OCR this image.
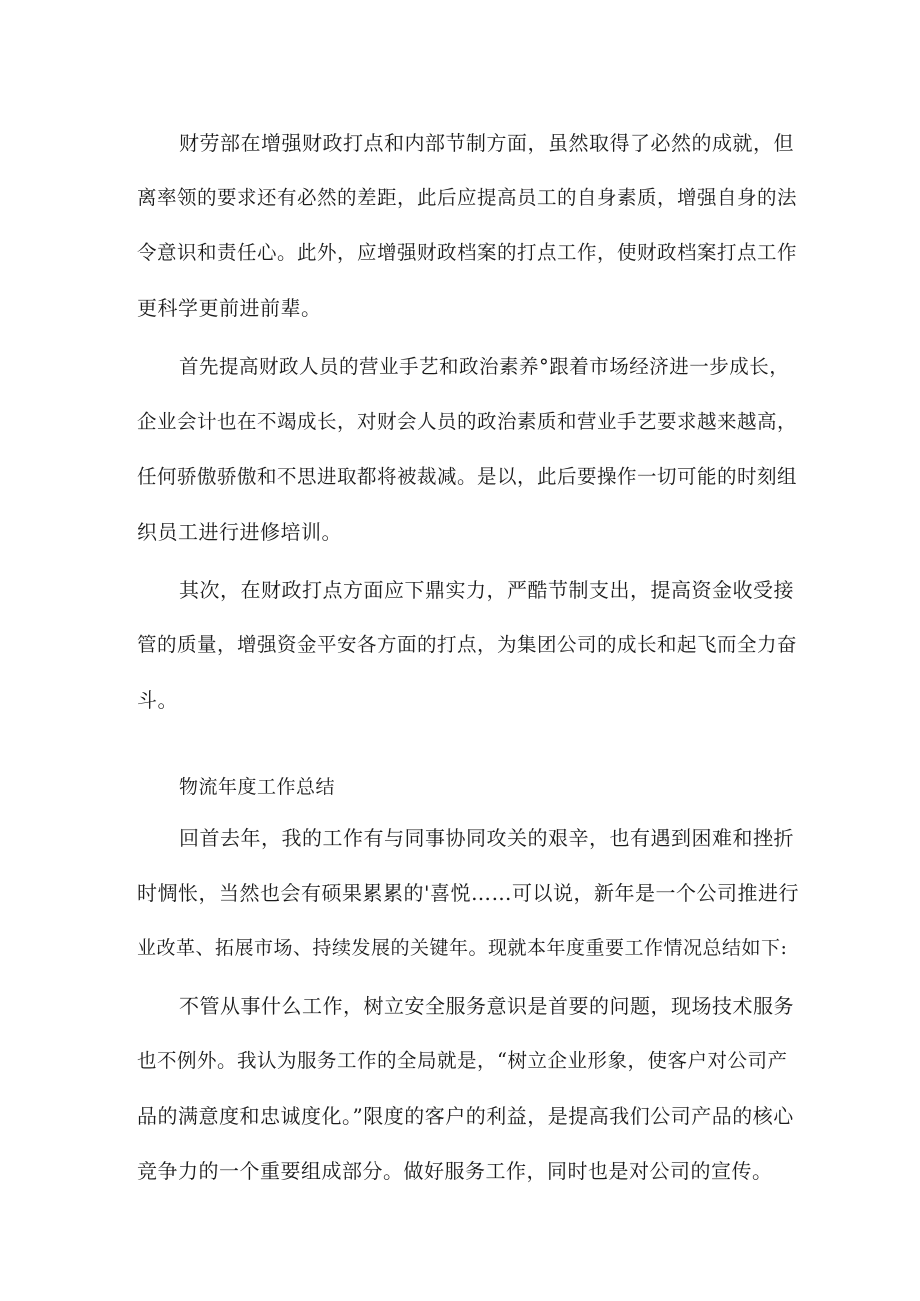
财劳部在增强财政打点和内部节制方面，虽然取得了必然的成就，但

离率领的要求还有必然的差距，此后应提高员工的自身素质，增强自身的法

令意识和责任心。此外，应增强财政档案的打点工作，使财政档案打点工作

更科学更前进前辈。

首先提高财政人员的营业手艺和政治素养°跟着市场经济进一步成长，

企业会计也在不竭成长，对财会人员的政治素质和营业手艺要求越来越高，

任何骄傲骄傲和不思进取都将被裁减。是以，此后要操作一切可能的时刻组

织员工进行进修培训。

其次，在财政打点方面应下鼎实力，严酷节制支出，提高资金收受接

管的质量，增强资金平安各方面的打点，为集团公司的成长和起飞而全力奋

斗。

物流年度工作总结

回首去年，我的工作有与同事协同攻关的艰辛，也有遇到困难和挫折

时惆怅，当然也会有硕果累累的'喜悦……可以说，新年是一个公司推进行

业改革、拓展市场、持续发展的关键年。现就本年度重要工作情况总结如下:

不管从事什么工作，树立安全服务意识是首要的问题，现场技术服务

也不例外。我认为服务工作的全局就是，“树立企业形象，使客户对公司产

品的满意度和忠诚度化。”限度的客户的利益，是提高我们公司产品的核心

竞争力的一个重要组成部分。做好服务工作，同时也是对公司的宣传。
